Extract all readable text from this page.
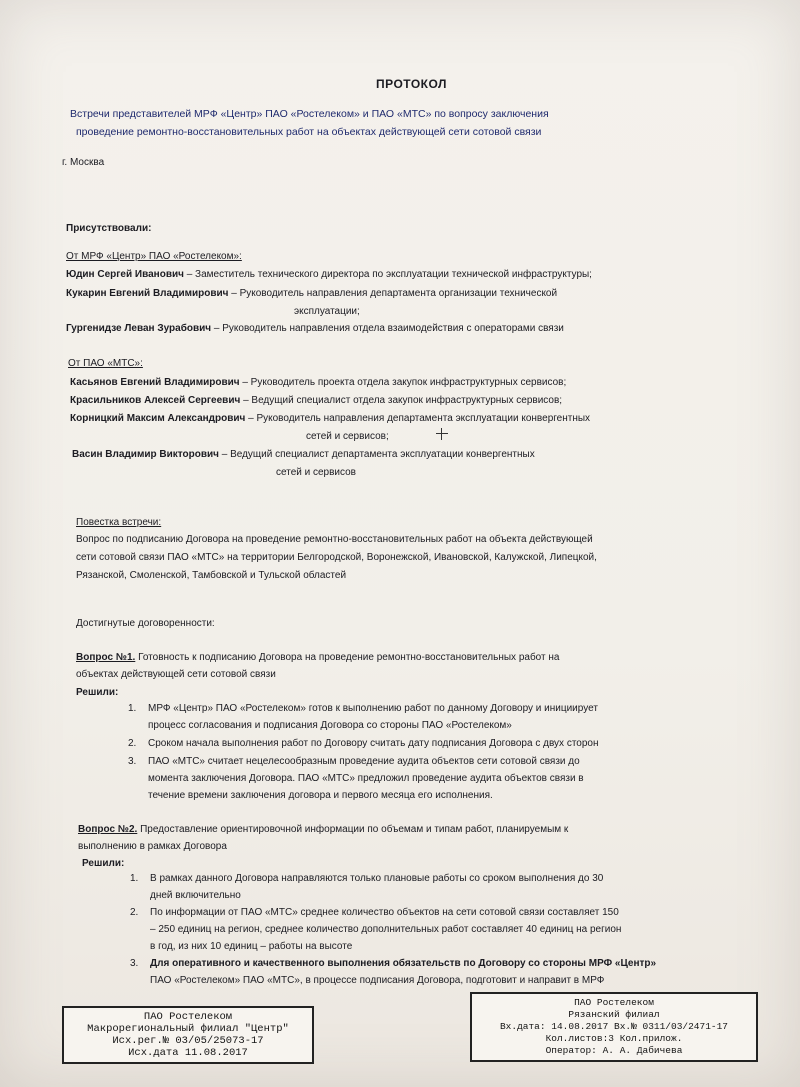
ПРОТОКОЛ
Встречи представителей МРФ «Центр» ПАО «Ростелеком» и ПАО «МТС» по вопросу заключения
проведение ремонтно-восстановительных работ на объектах действующей сети сотовой связи
г. Москва
Присутствовали:
От МРФ «Центр» ПАО «Ростелеком»:
Юдин Сергей Иванович – Заместитель технического директора по эксплуатации технической инфраструктуры;
Кукарин Евгений Владимирович – Руководитель направления департамента организации технической
эксплуатации;
Гургенидзе Леван Зурабович – Руководитель направления отдела взаимодействия с операторами связи
От ПАО «МТС»:
Касьянов Евгений Владимирович – Руководитель проекта отдела закупок инфраструктурных сервисов;
Красильников Алексей Сергеевич – Ведущий специалист отдела закупок инфраструктурных сервисов;
Корницкий Максим Александрович – Руководитель направления департамента эксплуатации конвергентных
сетей и сервисов;
Васин Владимир Викторович – Ведущий специалист департамента эксплуатации конвергентных
сетей и сервисов
Повестка встречи:
Вопрос по подписанию Договора на проведение ремонтно-восстановительных работ на объекта действующей
сети сотовой связи ПАО «МТС» на территории Белгородской, Воронежской, Ивановской, Калужской, Липецкой,
Рязанской, Смоленской, Тамбовской и Тульской областей
Достигнутые договоренности:
Вопрос №1. Готовность к подписанию Договора на проведение ремонтно-восстановительных работ на
объектах действующей сети сотовой связи
Решили:
1. МРФ «Центр» ПАО «Ростелеком» готов к выполнению работ по данному Договору и инициирует
процесс согласования и подписания Договора со стороны ПАО «Ростелеком»
2. Сроком начала выполнения работ по Договору считать дату подписания Договора с двух сторон
3. ПАО «МТС» считает нецелесообразным проведение аудита объектов сети сотовой связи до
момента заключения Договора. ПАО «МТС» предложил проведение аудита объектов связи в
течение времени заключения договора и первого месяца его исполнения.
Вопрос №2. Предоставление ориентировочной информации по объемам и типам работ, планируемым к
выполнению в рамках Договора
Решили:
1. В рамках данного Договора направляются только плановые работы со сроком выполнения до 30
дней включительно
2. По информации от ПАО «МТС» среднее количество объектов на сети сотовой связи составляет 150
– 250 единиц на регион, среднее количество дополнительных работ составляет 40 единиц на регион
в год, из них 10 единиц – работы на высоте
3. Для оперативного и качественного выполнения обязательств по Договору со стороны МРФ «Центр»
ПАО «Ростелеком» ПАО «МТС», в процессе подписания Договора, подготовит и направит в МРФ
ПАО Ростелеком
Макрорегиональный филиал "Центр"
Исх.рег.№ 03/05/25073-17
Исх.дата 11.08.2017
ПАО Ростелеком
Рязанский филиал
Вх.дата: 14.08.2017 Вх.№ 0311/03/2471-17
Кол.листов:3 Кол.прилож.
Оператор: А. А. Дабичева
